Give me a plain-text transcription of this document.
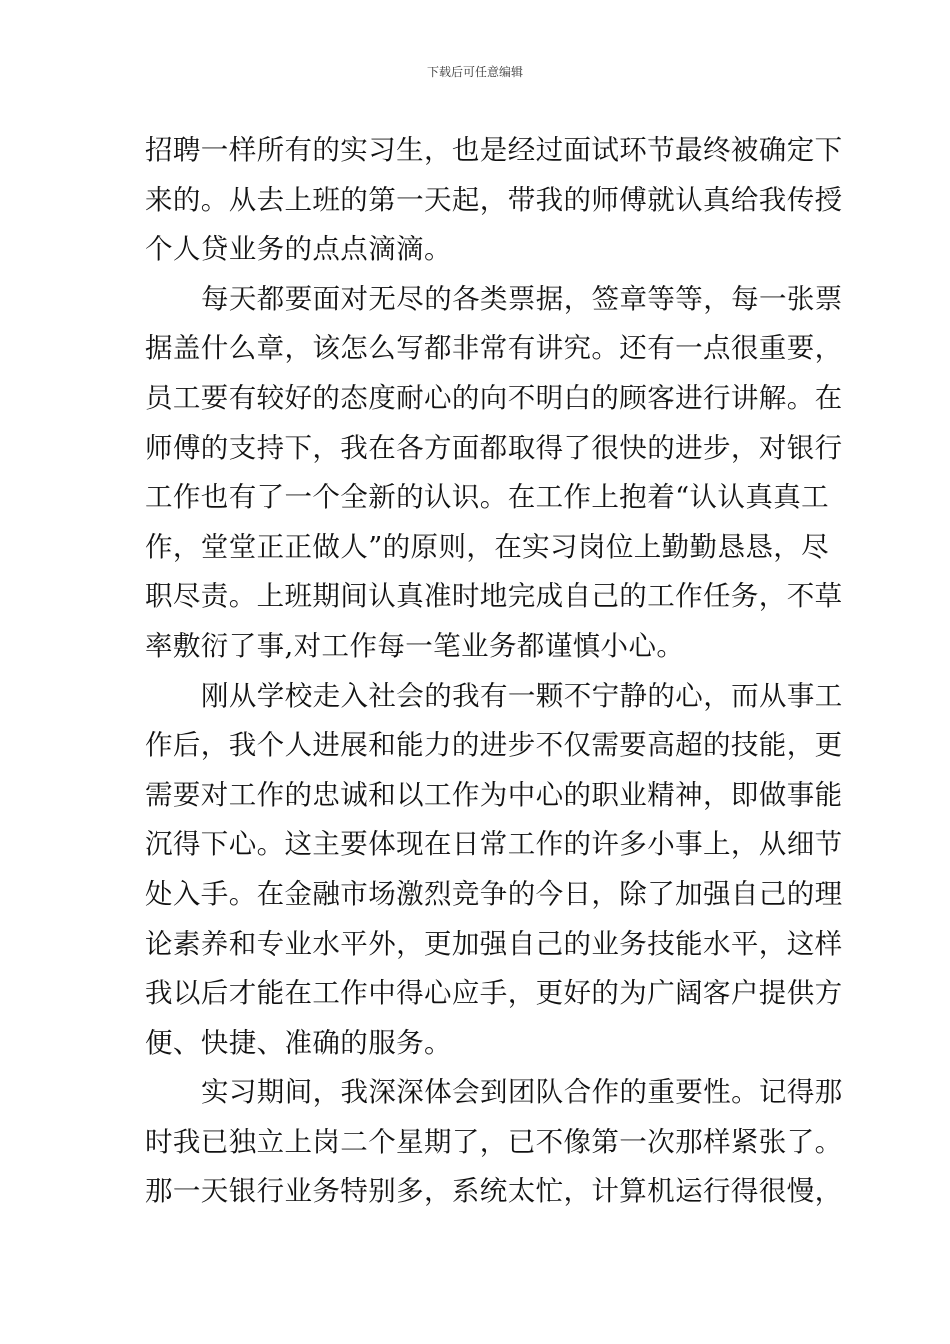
下载后可任意编辑
招聘一样所有的实习生，也是经过面试环节最终被确定下
来的。从去上班的第一天起，带我的师傅就认真给我传授
个人贷业务的点点滴滴。
每天都要面对无尽的各类票据，签章等等，每一张票
据盖什么章，该怎么写都非常有讲究。还有一点很重要，
员工要有较好的态度耐心的向不明白的顾客进行讲解。在
师傅的支持下，我在各方面都取得了很快的进步，对银行
工作也有了一个全新的认识。在工作上抱着“认认真真工
作，堂堂正正做人”的原则，在实习岗位上勤勤恳恳，尽
职尽责。上班期间认真准时地完成自己的工作任务，不草
率敷衍了事,对工作每一笔业务都谨慎小心。
刚从学校走入社会的我有一颗不宁静的心，而从事工
作后，我个人进展和能力的进步不仅需要高超的技能，更
需要对工作的忠诚和以工作为中心的职业精神，即做事能
沉得下心。这主要体现在日常工作的许多小事上，从细节
处入手。在金融市场激烈竞争的今日，除了加强自己的理
论素养和专业水平外，更加强自己的业务技能水平，这样
我以后才能在工作中得心应手，更好的为广阔客户提供方
便、快捷、准确的服务。
实习期间，我深深体会到团队合作的重要性。记得那
时我已独立上岗二个星期了，已不像第一次那样紧张了。
那一天银行业务特别多，系统太忙，计算机运行得很慢，
